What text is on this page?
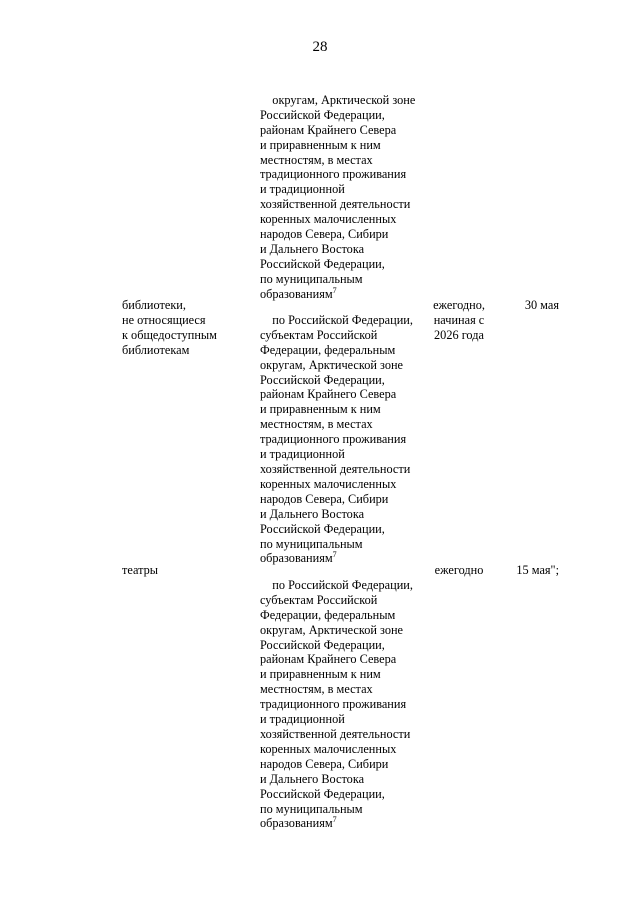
28

округам, Арктической зоне
Российской Федерации,
районам Крайнего Севера
и приравненным к ним
местностям, в местах
традиционного проживания
и традиционной
хозяйственной деятельности
коренных малочисленных
народов Севера, Сибири
и Дальнего Востока
Российской Федерации,
по муниципальным
образованиям$^7$

библиотеки,
не относящиеся
к общедоступным
библиотекам

по Российской Федерации,
субъектам Российской
Федерации, федеральным
округам, Арктической зоне
Российской Федерации,
районам Крайнего Севера
и приравненным к ним
местностям, в местах
традиционного проживания
и традиционной
хозяйственной деятельности
коренных малочисленных
народов Севера, Сибири
и Дальнего Востока
Российской Федерации,
по муниципальным
образованиям$^7$

ежегодно,
начиная с
2026 года
30 мая
театры

по Российской Федерации,
субъектам Российской
Федерации, федеральным
округам, Арктической зоне
Российской Федерации,
районам Крайнего Севера
и приравненным к ним
местностям, в местах
традиционного проживания
и традиционной
хозяйственной деятельности
коренных малочисленных
народов Севера, Сибири
и Дальнего Востока
Российской Федерации,
по муниципальным
образованиям$^7$

ежегодно	15 мая";
